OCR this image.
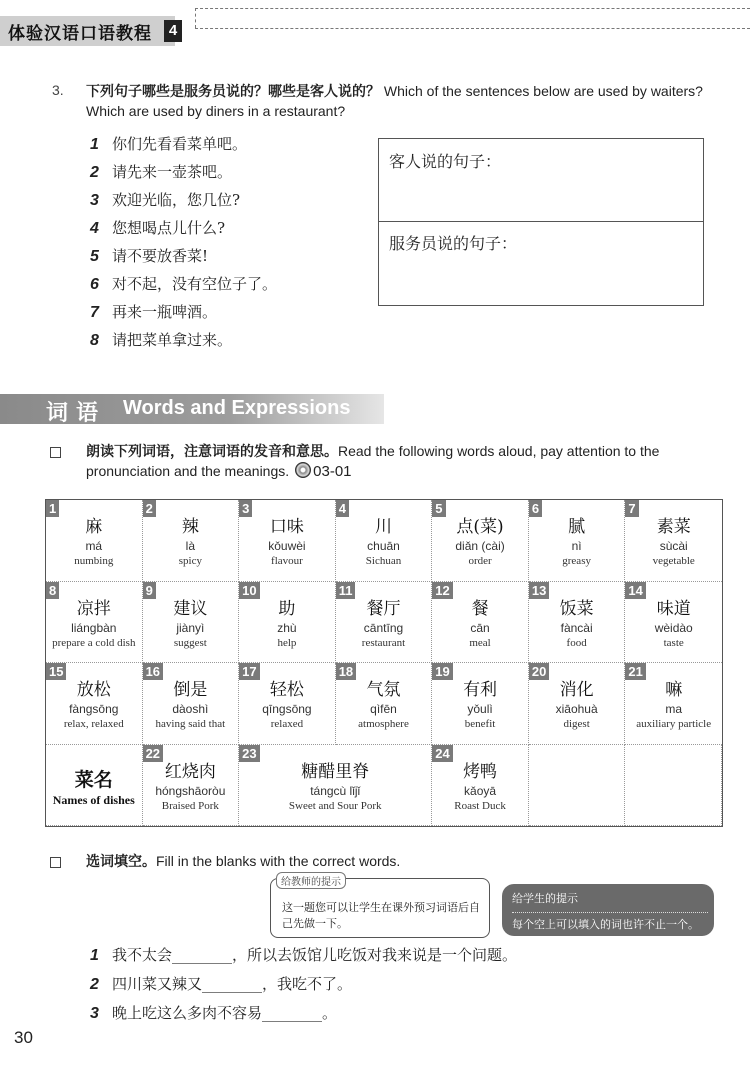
体验汉语口语教程	4
3. 下列句子哪些是服务员说的？哪些是客人说的？ Which of the sentences below are used by waiters? Which are used by diners in a restaurant?
1 你们先看看菜单吧。
2 请先来一壶茶吧。
3 欢迎光临，您几位?
4 您想喝点儿什么?
5 请不要放香菜!
6 对不起，没有空位子了。
7 再来一瓶啤酒。
8 请把菜单拿过来。
客人说的句子：
服务员说的句子：
词语 Words and Expressions
朗读下列词语，注意词语的发音和意思。Read the following words aloud, pay attention to the pronunciation and the meanings. 03-01
1
麻
má
numbing
2
辣
là
spicy
3
口味
kǒuwèi
flavour
4
川
chuān
Sichuan
5
点(菜)
diǎn (cài)
order
6
腻
nì
greasy
7
素菜
sùcài
vegetable
8
凉拌
liángbàn
prepare a cold dish
9
建议
jiànyì
suggest
10
助
zhù
help
11
餐厅
cāntīng
restaurant
12
餐
cān
meal
13
饭菜
fàncài
food
14
味道
wèidào
taste
15
放松
fàngsōng
relax, relaxed
16
倒是
dàoshì
having said that
17
轻松
qīngsōng
relaxed
18
气氛
qìfēn
atmosphere
19
有利
yǒulì
benefit
20
消化
xiāohuà
digest
21
嘛
ma
auxiliary particle
菜名
Names of dishes
22
红烧肉
hóngshāoròu
Braised Pork
23
糖醋里脊
tángcù lǐjǐ
Sweet and Sour Pork
24
烤鸭
kǎoyā
Roast Duck
选词填空。Fill in the blanks with the correct words.
给教师的提示
这一题您可以让学生在课外预习词语后自己先做一下。
给学生的提示
每个空上可以填入的词也许不止一个。
1 我不太会________，所以去饭馆儿吃饭对我来说是一个问题。
2 四川菜又辣又________，我吃不了。
3 晚上吃这么多肉不容易________。
30
